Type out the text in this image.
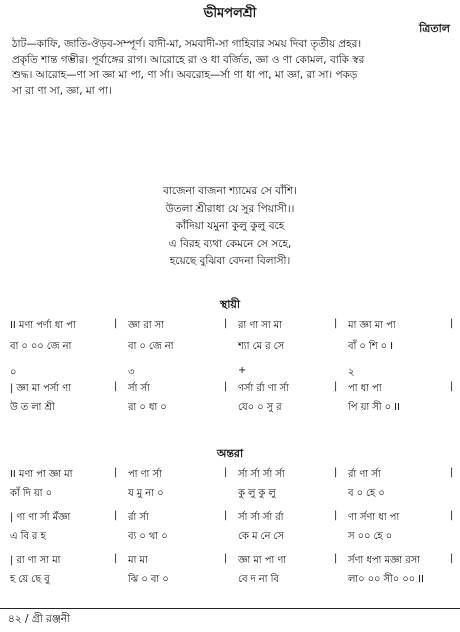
ভীমপলশ্রী
ত্রিতাল
ঠাট—কাফি, জাতি-ঔড়ব-সম্পূর্ণ। বাদী-মা, সমবাদী-সা গাহিবার সময় দিবা তৃতীয় প্রহর।
প্রকৃতি শান্ত গম্ভীর। পূর্বাঙ্গের রাগ। আরোহে রা ও ধা বর্জিত, জ্ঞা ও ণা কোমল, বাকি স্বর
শুদ্ধ। আরোহ—ণা সা জ্ঞা মা পা, ণা র্সা। অবরোহ—র্সা ণা ধা পা, মা জ্ঞা, রা সা। পকড়
সা রা ণা সা, জ্ঞা, মা পা।
বাজেনা বাজনা শ্যামের সে বাঁশি।
উতলা শ্রীরাধা যে সুর পিয়াসী।।
কাঁদিয়া যমুনা কুলু কুলু বহে
এ বিরহ ব্যথা কেমনে সে সহে,
হয়েছে বুঝিবা বেদনা বিলাসী।
স্থায়ী
II মণা পর্ণা ধা পা	| জ্ঞা রা সা	| রা ণা সা মা	| মা জ্ঞা মা পা	|
বা ০ ০০ জে না	বা ০ জে না	শ্যা মে র সে	বাঁ ০ শি ০ I
০	৩	+	২
| জ্ঞা মা পর্সা ণা	| র্সা র্সা	| ণর্সা র্রা ণা র্সা	| পা ধা পা	|
উ ত লা শ্রী	রা ০ ধা ০	যে০ ০ সু র	পি য়া সী ০ II
অন্তরা
II মণা পা জ্ঞা মা	| পা ণা র্সা	| র্সা র্সা র্সা র্সা	| র্রা ণা র্সা	|
কাঁ দি য়া ০	য মু না ০	কু লু কু লু	ব ০ হে ০
| ণা ণা র্সা মঁজ্ঞা	| র্রা র্সা	| র্সা র্সা র্সা র্রা	| ণা র্সণা ধা পা	|
এ বি র হ	ব্য ০ থা ০	কে ম নে সে	স ০০ হে ০
| রা ণা সা মা	| মা মা	| জ্ঞা মা পা ণা	| র্সণা ধপা মজ্ঞা রসা	|
হ য়ে ছে বু	ঝি ০ বা ০	বে দ না বি	লা০ ০০ সী০ ০০ II
৪২ / গ্রী রঞ্জনী
